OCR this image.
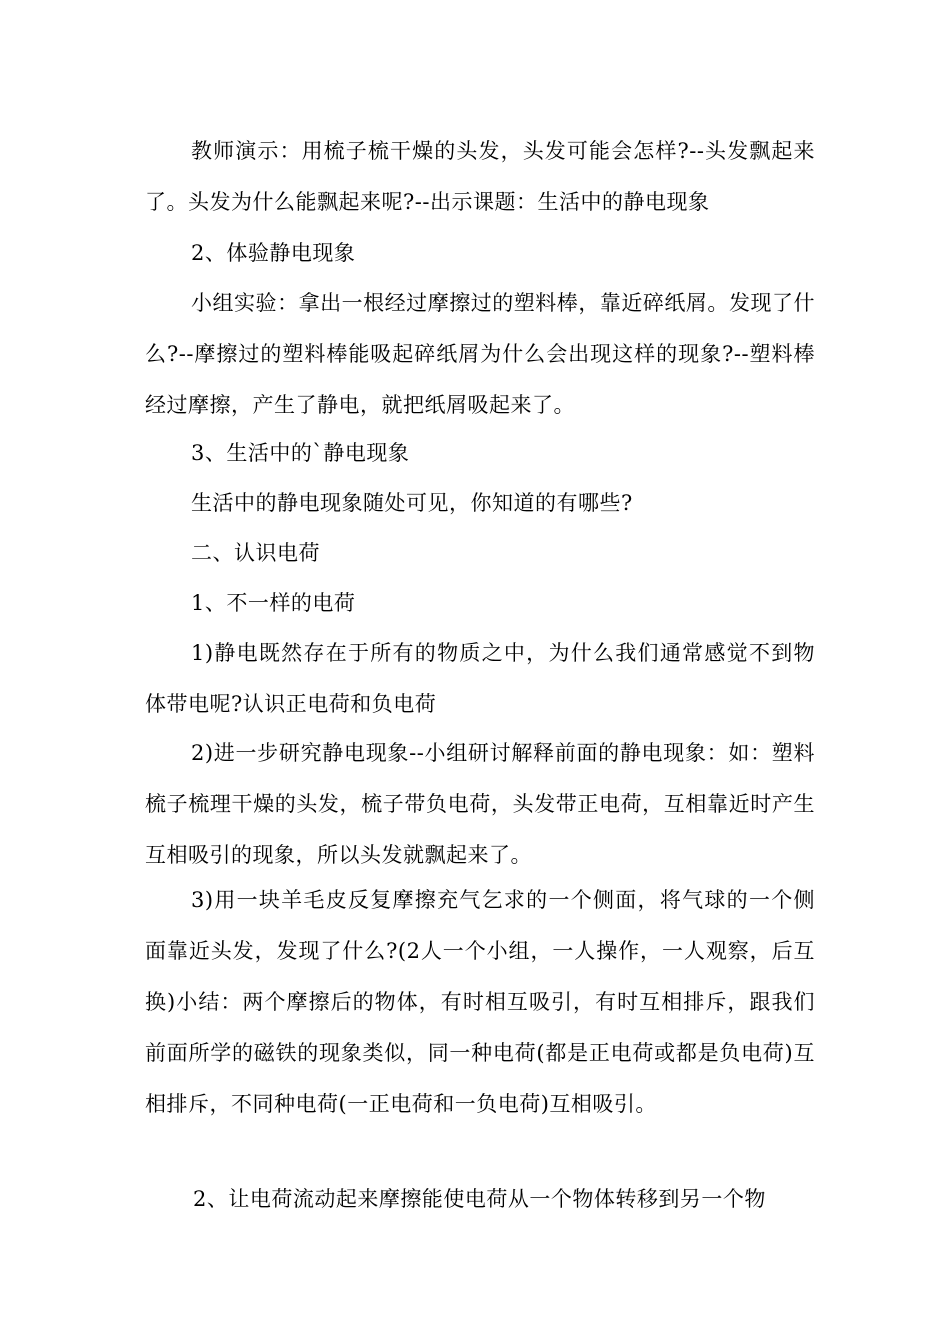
教师演示：用梳子梳干燥的头发，头发可能会怎样?--头发飘起来了。头发为什么能飘起来呢?--出示课题：生活中的静电现象

2、体验静电现象

小组实验：拿出一根经过摩擦过的塑料棒，靠近碎纸屑。发现了什么?--摩擦过的塑料棒能吸起碎纸屑为什么会出现这样的现象?--塑料棒经过摩擦，产生了静电，就把纸屑吸起来了。

3、生活中的`静电现象

生活中的静电现象随处可见，你知道的有哪些?

二、认识电荷

1、不一样的电荷

1)静电既然存在于所有的物质之中，为什么我们通常感觉不到物体带电呢?认识正电荷和负电荷

2)进一步研究静电现象--小组研讨解释前面的静电现象：如：塑料梳子梳理干燥的头发，梳子带负电荷，头发带正电荷，互相靠近时产生互相吸引的现象，所以头发就飘起来了。

3)用一块羊毛皮反复摩擦充气乞求的一个侧面，将气球的一个侧面靠近头发，发现了什么?(2人一个小组，一人操作，一人观察，后互换)小结：两个摩擦后的物体，有时相互吸引，有时互相排斥，跟我们前面所学的磁铁的现象类似，同一种电荷(都是正电荷或都是负电荷)互相排斥，不同种电荷(一正电荷和一负电荷)互相吸引。

2、让电荷流动起来摩擦能使电荷从一个物体转移到另一个物
